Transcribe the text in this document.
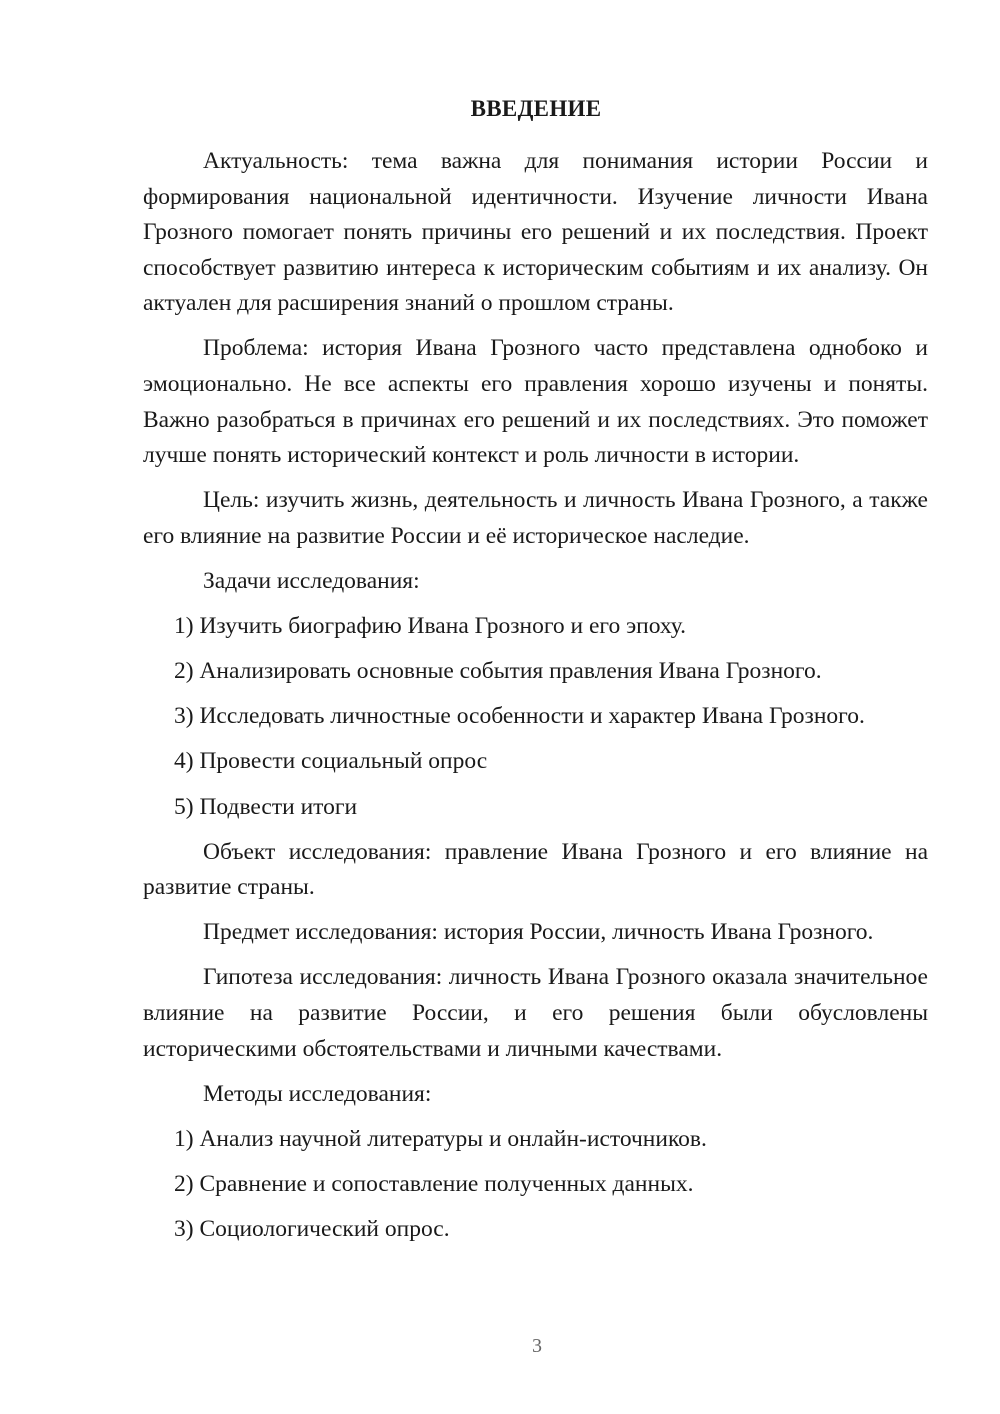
ВВЕДЕНИЕ

Актуальность: тема важна для понимания истории России и формирования национальной идентичности. Изучение личности Ивана Грозного помогает понять причины его решений и их последствия. Проект способствует развитию интереса к историческим событиям и их анализу. Он актуален для расширения знаний о прошлом страны.

Проблема: история Ивана Грозного часто представлена однобоко и эмоционально. Не все аспекты его правления хорошо изучены и поняты. Важно разобраться в причинах его решений и их последствиях. Это поможет лучше понять исторический контекст и роль личности в истории.

Цель: изучить жизнь, деятельность и личность Ивана Грозного, а также его влияние на развитие России и её историческое наследие.

Задачи исследования:

1) Изучить биографию Ивана Грозного и его эпоху.

2) Анализировать основные события правления Ивана Грозного.

3) Исследовать личностные особенности и характер Ивана Грозного.

4) Провести социальный опрос

5) Подвести итоги

Объект исследования: правление Ивана Грозного и его влияние на развитие страны.

Предмет исследования: история России, личность Ивана Грозного.

Гипотеза исследования: личность Ивана Грозного оказала значительное влияние на развитие России, и его решения были обусловлены историческими обстоятельствами и личными качествами.

Методы исследования:

1) Анализ научной литературы и онлайн-источников.

2) Сравнение и сопоставление полученных данных.

3) Социологический опрос.

3
